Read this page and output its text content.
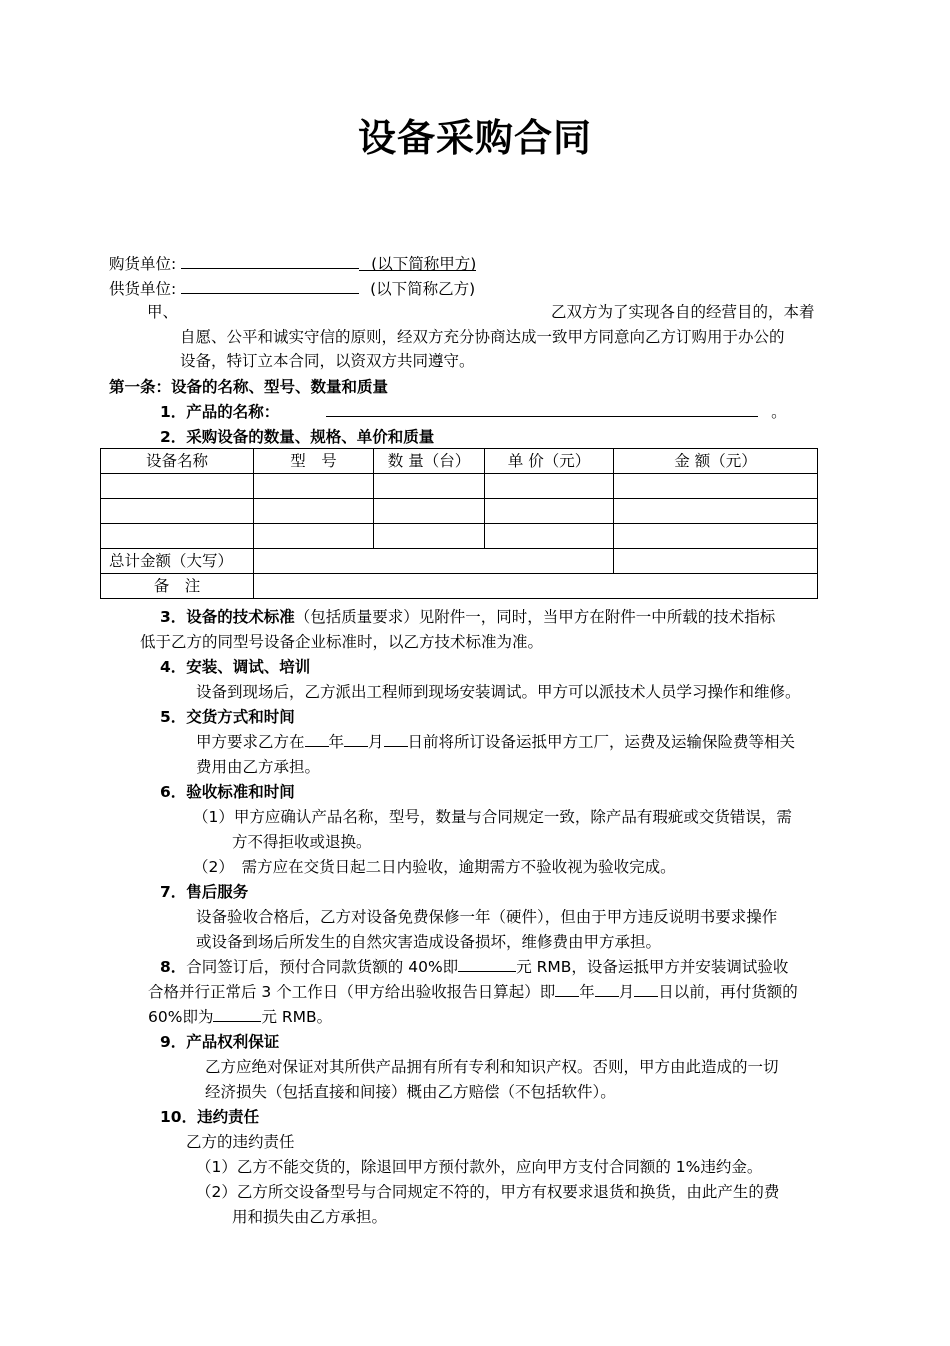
设备采购合同
购货单位:	(以下简称甲方)
供货单位:	(以下简称乙方)
甲、	乙双方为了实现各自的经营目的，本着
自愿、公平和诚实守信的原则，经双方充分协商达成一致甲方同意向乙方订购用于办公的
设备，特订立本合同，以资双方共同遵守。
第一条：设备的名称、型号、数量和质量
1．产品的名称：	。
2．采购设备的数量、规格、单价和质量
设备名称	型　号	数 量（台）	单 价（元）	金 额（元）

总计金额（大写）				
备　注				
3．设备的技术标准（包括质量要求）见附件一，同时，当甲方在附件一中所载的技术指标
低于乙方的同型号设备企业标准时，以乙方技术标准为准。
4．安装、调试、培训
设备到现场后，乙方派出工程师到现场安装调试。甲方可以派技术人员学习操作和维修。
5．交货方式和时间
甲方要求乙方在 年 月 日前将所订设备运抵甲方工厂，运费及运输保险费等相关
费用由乙方承担。
6．验收标准和时间
（1）甲方应确认产品名称，型号，数量与合同规定一致，除产品有瑕疵或交货错误，需
方不得拒收或退换。
（2）　需方应在交货日起二日内验收，逾期需方不验收视为验收完成。
7．售后服务
设备验收合格后，乙方对设备免费保修一年（硬件），但由于甲方违反说明书要求操作
或设备到场后所发生的自然灾害造成设备损坏，维修费由甲方承担。
8．合同签订后，预付合同款货额的 40%即	元 RMB，设备运抵甲方并安装调试验收
合格并行正常后 3 个工作日（甲方给出验收报告日算起）即 年 月 日以前，再付货额的
60%即为	元 RMB。
9．产品权利保证
乙方应绝对保证对其所供产品拥有所有专利和知识产权。否则，甲方由此造成的一切
经济损失（包括直接和间接）概由乙方赔偿（不包括软件）。
10．违约责任
乙方的违约责任
（1）乙方不能交货的，除退回甲方预付款外，应向甲方支付合同额的 1%违约金。
（2）乙方所交设备型号与合同规定不符的，甲方有权要求退货和换货，由此产生的费
用和损失由乙方承担。
